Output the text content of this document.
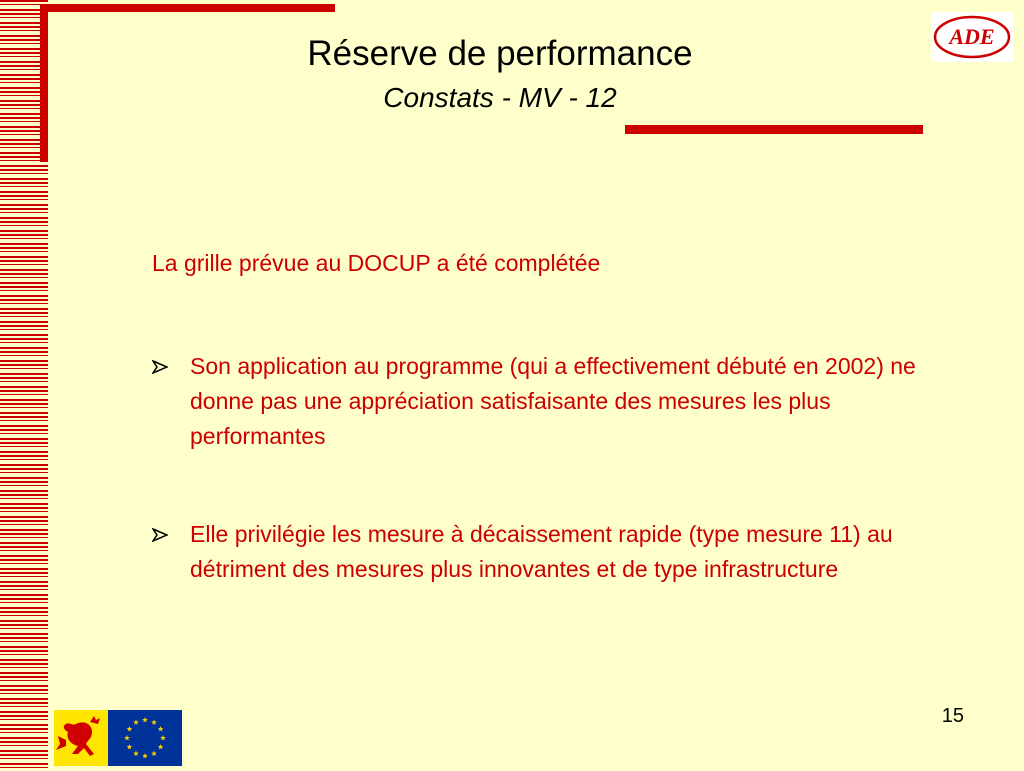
ADE
Réserve de performance
Constats - MV - 12
La grille prévue au DOCUP a été complétée
Son application au programme (qui a effectivement débuté en 2002) ne donne pas une appréciation satisfaisante des mesures les plus performantes
Elle privilégie les mesure à décaissement rapide (type mesure 11) au détriment des mesures plus innovantes et de type infrastructure
15
